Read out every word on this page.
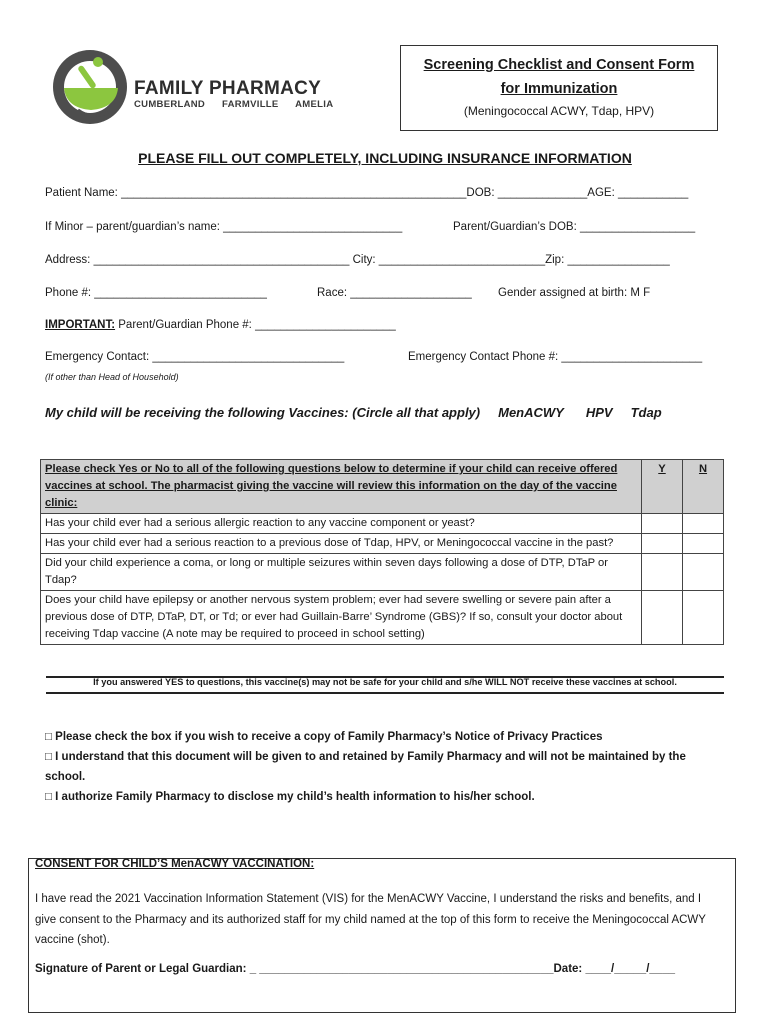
FAMILY PHARMACY
CUMBERLAND FARMVILLE AMELIA
Screening Checklist and Consent Form
for Immunization
(Meningococcal ACWY, Tdap, HPV)
PLEASE FILL OUT COMPLETELY, INCLUDING INSURANCE INFORMATION
Patient Name: ______________________________________________________DOB: ______________AGE: ___________
If Minor – parent/guardian’s name: ____________________________	Parent/Guardian’s DOB: __________________
Address: ________________________________________ City: __________________________Zip: ________________
Phone #: ___________________________	Race: ___________________ Gender assigned at birth: M F
IMPORTANT: Parent/Guardian Phone #: ______________________
Emergency Contact: ______________________________	Emergency Contact Phone #: ______________________
(If other than Head of Household)
My child will be receiving the following Vaccines: (Circle all that apply) MenACWY HPV Tdap
Please check Yes or No to all of the following questions below to determine if your child can receive offered vaccines at school. The pharmacist giving the vaccine will review this information on the day of the vaccine clinic:	Y	N
Has your child ever had a serious allergic reaction to any vaccine component or yeast?		
Has your child ever had a serious reaction to a previous dose of Tdap, HPV, or Meningococcal vaccine in the past?		
Did your child experience a coma, or long or multiple seizures within seven days following a dose of DTP, DTaP or Tdap?		
Does your child have epilepsy or another nervous system problem; ever had severe swelling or severe pain after a previous dose of DTP, DTaP, DT, or Td; or ever had Guillain-Barre’ Syndrome (GBS)? If so, consult your doctor about receiving Tdap vaccine (A note may be required to proceed in school setting)		
If you answered YES to questions, this vaccine(s) may not be safe for your child and s/he WILL NOT receive these vaccines at school.
□ Please check the box if you wish to receive a copy of Family Pharmacy’s Notice of Privacy Practices
□ I understand that this document will be given to and retained by Family Pharmacy and will not be maintained by the school.
□ I authorize Family Pharmacy to disclose my child’s health information to his/her school.
CONSENT FOR CHILD’S MenACWY VACCINATION:
I have read the 2021 Vaccination Information Statement (VIS) for the MenACWY Vaccine, I understand the risks and benefits, and I give consent to the Pharmacy and its authorized staff for my child named at the top of this form to receive the Meningococcal ACWY vaccine (shot).
Signature of Parent or Legal Guardian: _ ______________________________________________Date: ____/_____/____
